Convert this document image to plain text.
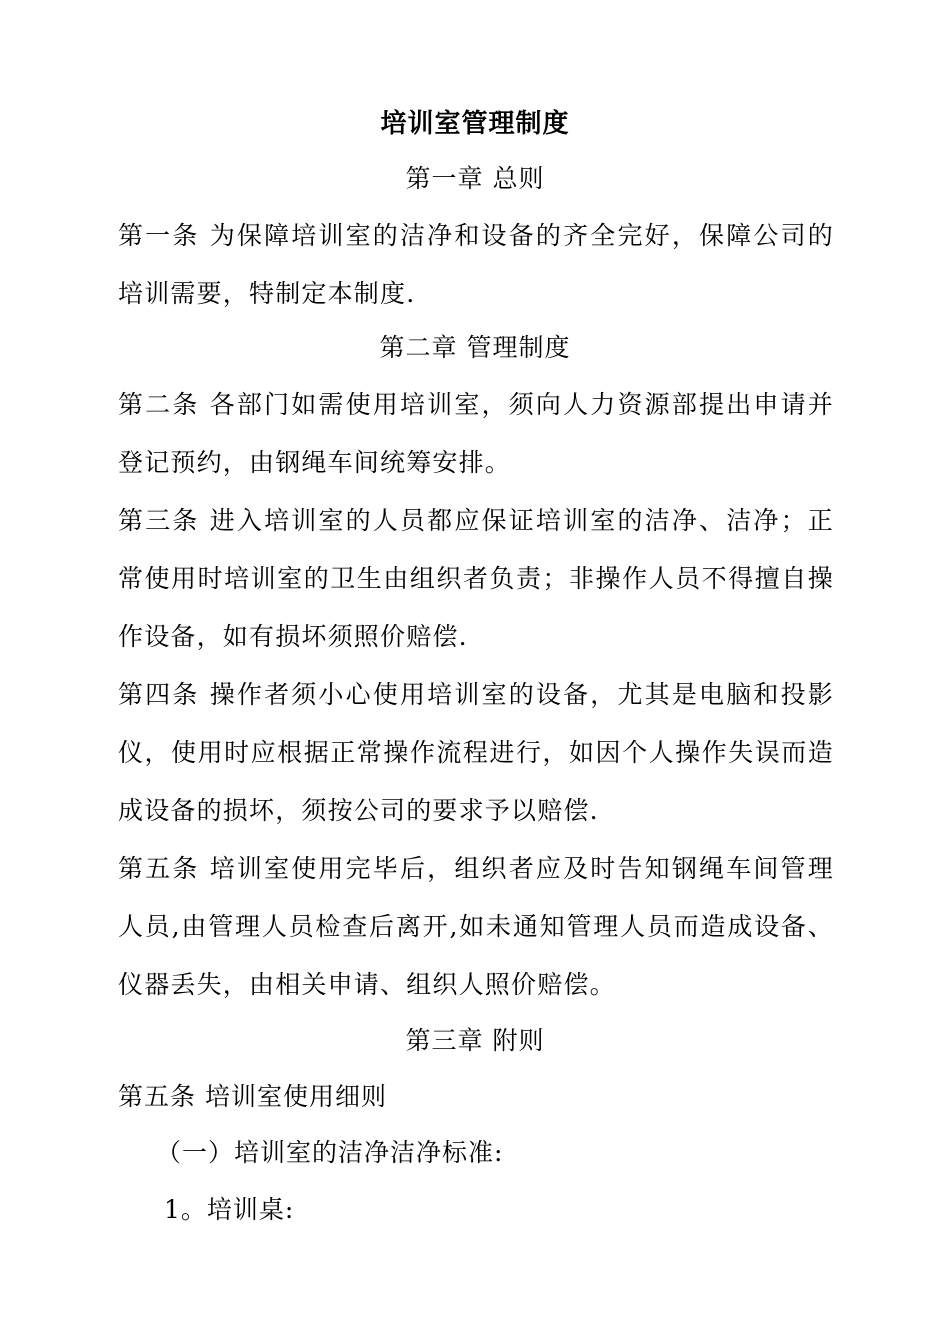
培训室管理制度
第一章 总则

第一条 为保障培训室的洁净和设备的齐全完好，保障公司的培训需要，特制定本制度.

第二章 管理制度

第二条 各部门如需使用培训室，须向人力资源部提出申请并登记预约，由钢绳车间统筹安排。

第三条 进入培训室的人员都应保证培训室的洁净、洁净；正常使用时培训室的卫生由组织者负责；非操作人员不得擅自操作设备，如有损坏须照价赔偿.

第四条 操作者须小心使用培训室的设备，尤其是电脑和投影仪，使用时应根据正常操作流程进行，如因个人操作失误而造成设备的损坏，须按公司的要求予以赔偿.

第五条 培训室使用完毕后，组织者应及时告知钢绳车间管理人员,由管理人员检查后离开,如未通知管理人员而造成设备、仪器丢失，由相关申请、组织人照价赔偿。

第三章 附则

第五条 培训室使用细则

（一）培训室的洁净洁净标准:

1。培训桌:
